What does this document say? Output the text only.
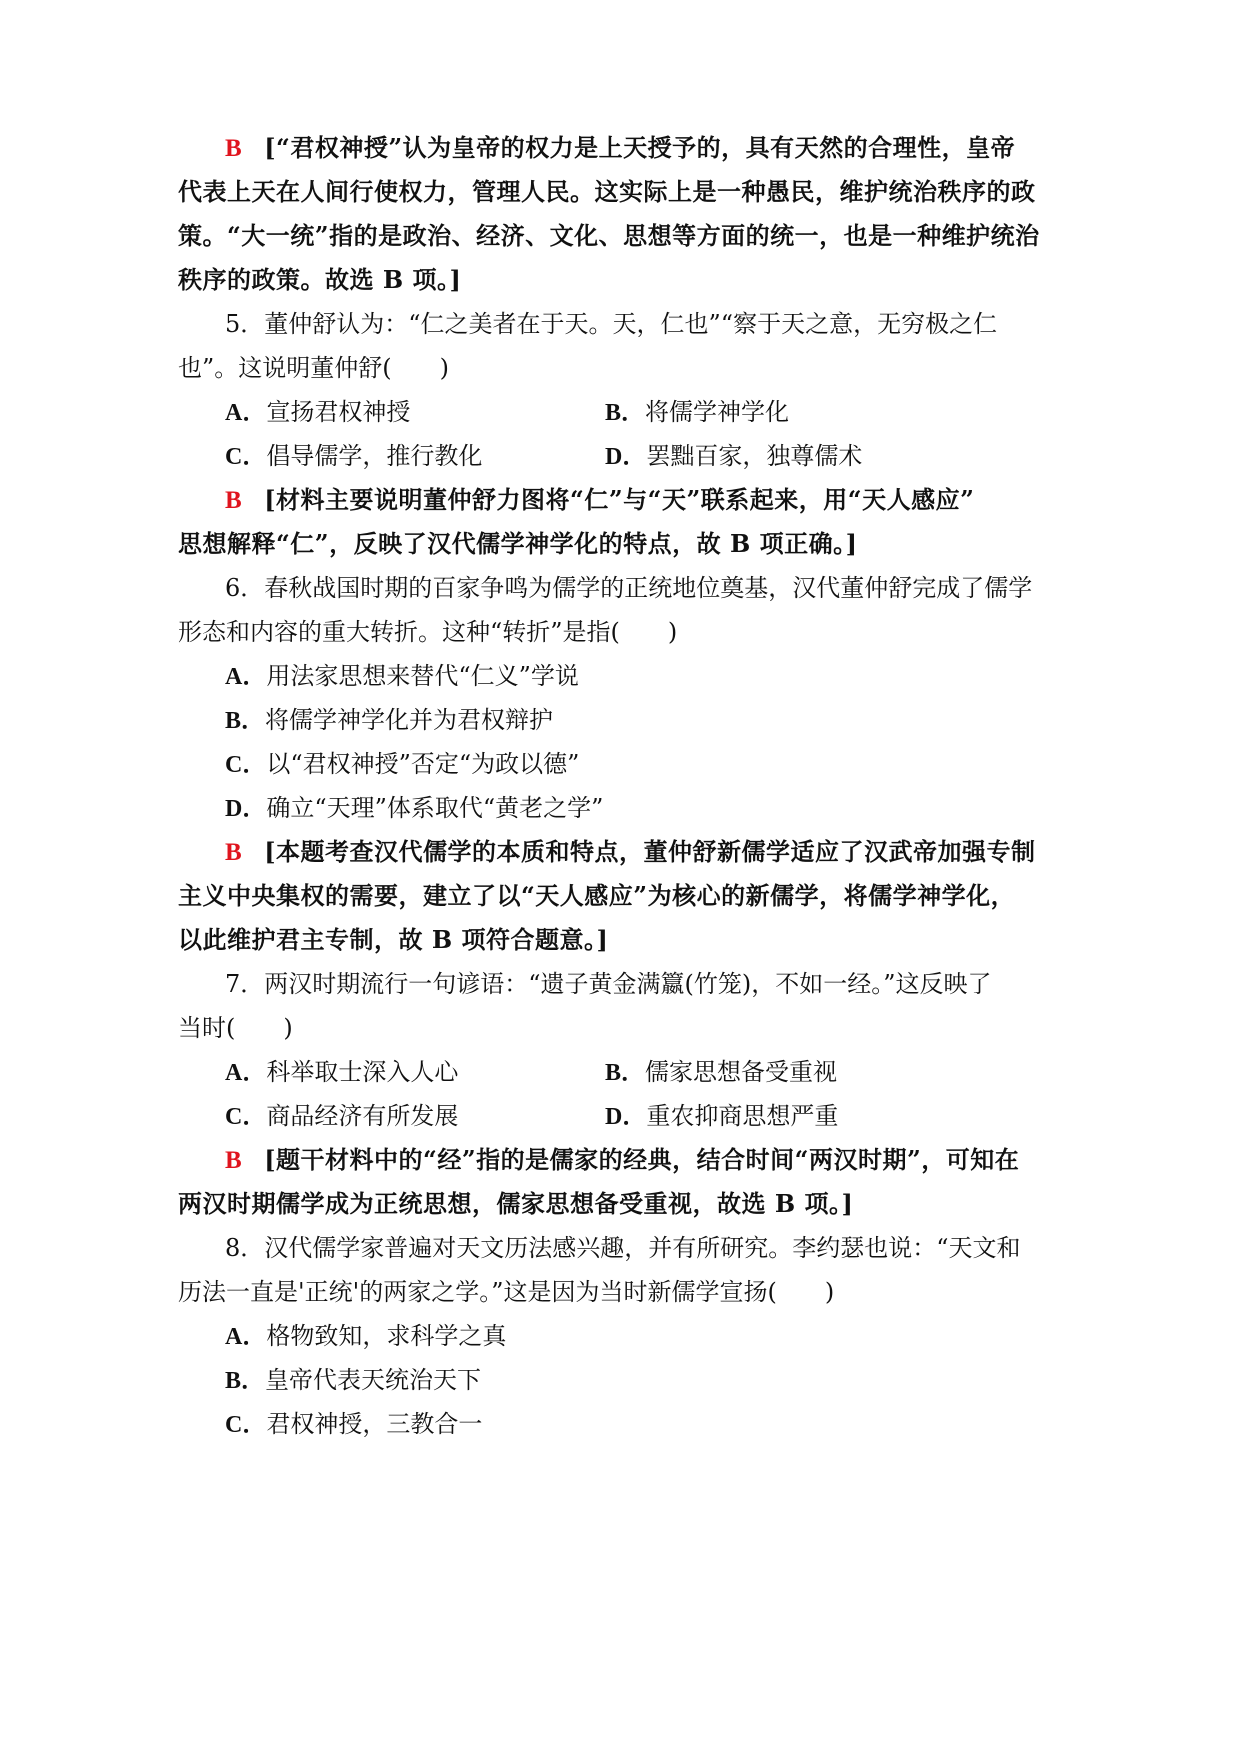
B [“君权神授”认为皇帝的权力是上天授予的，具有天然的合理性，皇帝
代表上天在人间行使权力，管理人民。这实际上是一种愚民，维护统治秩序的政
策。“大一统”指的是政治、经济、文化、思想等方面的统一，也是一种维护统治
秩序的政策。故选 B 项。]
5．董仲舒认为：“仁之美者在于天。天，仁也”“察于天之意，无穷极之仁
也”。这说明董仲舒(　　)
A．宣扬君权神授	B．将儒学神学化
C．倡导儒学，推行教化	D．罢黜百家，独尊儒术
B [材料主要说明董仲舒力图将“仁”与“天”联系起来，用“天人感应”
思想解释“仁”，反映了汉代儒学神学化的特点，故 B 项正确。]
6．春秋战国时期的百家争鸣为儒学的正统地位奠基，汉代董仲舒完成了儒学
形态和内容的重大转折。这种“转折”是指(　　)
A．用法家思想来替代“仁义”学说
B．将儒学神学化并为君权辩护
C．以“君权神授”否定“为政以德”
D．确立“天理”体系取代“黄老之学”
B [本题考查汉代儒学的本质和特点，董仲舒新儒学适应了汉武帝加强专制
主义中央集权的需要，建立了以“天人感应”为核心的新儒学，将儒学神学化，
以此维护君主专制，故 B 项符合题意。]
7．两汉时期流行一句谚语：“遗子黄金满籝(竹笼)，不如一经。”这反映了
当时(　　)
A．科举取士深入人心	B．儒家思想备受重视
C．商品经济有所发展	D．重农抑商思想严重
B [题干材料中的“经”指的是儒家的经典，结合时间“两汉时期”，可知在
两汉时期儒学成为正统思想，儒家思想备受重视，故选 B 项。]
8．汉代儒学家普遍对天文历法感兴趣，并有所研究。李约瑟也说：“天文和
历法一直是'正统'的两家之学。”这是因为当时新儒学宣扬(　　)
A．格物致知，求科学之真
B．皇帝代表天统治天下
C．君权神授，三教合一
